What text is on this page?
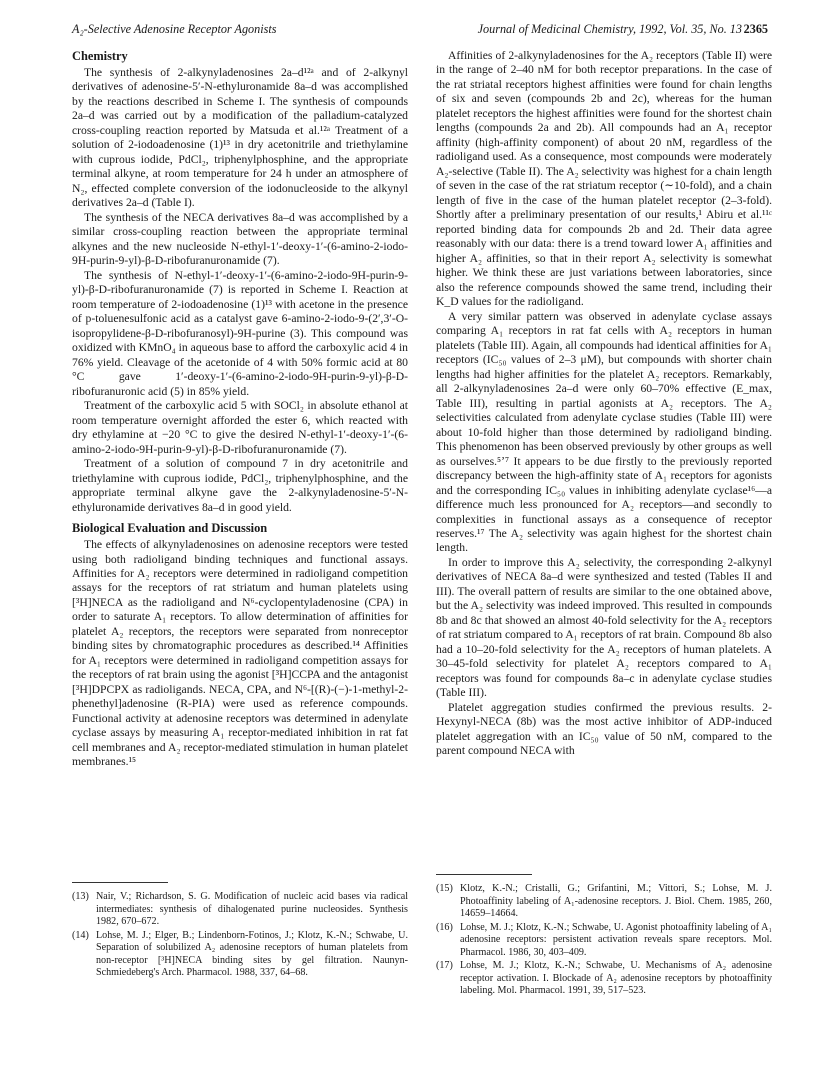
A₂-Selective Adenosine Receptor Agonists	Journal of Medicinal Chemistry, 1992, Vol. 35, No. 13 2365
Chemistry

The synthesis of 2-alkynyladenosines 2a–d¹²ᵃ and of 2-alkynyl derivatives of adenosine-5′-N-ethyluronamide 8a–d was accomplished by the reactions described in Scheme I. The synthesis of compounds 2a–d was carried out by a modification of the palladium-catalyzed cross-coupling reaction reported by Matsuda et al.¹²ᵃ Treatment of a solution of 2-iodoadenosine (1)¹³ in dry acetonitrile and triethylamine with cuprous iodide, PdCl₂, triphenylphosphine, and the appropriate terminal alkyne, at room temperature for 24 h under an atmosphere of N₂, effected complete conversion of the iodonucleoside to the alkynyl derivatives 2a–d (Table I).

The synthesis of the NECA derivatives 8a–d was accomplished by a similar cross-coupling reaction between the appropriate terminal alkynes and the new nucleoside N-ethyl-1′-deoxy-1′-(6-amino-2-iodo-9H-purin-9-yl)-β-D-ribofuranuronamide (7).

The synthesis of N-ethyl-1′-deoxy-1′-(6-amino-2-iodo-9H-purin-9-yl)-β-D-ribofuranuronamide (7) is reported in Scheme I. Reaction at room temperature of 2-iodoadenosine (1)¹³ with acetone in the presence of p-toluenesulfonic acid as a catalyst gave 6-amino-2-iodo-9-(2′,3′-O-isopropylidene-β-D-ribofuranosyl)-9H-purine (3). This compound was oxidized with KMnO₄ in aqueous base to afford the carboxylic acid 4 in 76% yield. Cleavage of the acetonide of 4 with 50% formic acid at 80 °C gave 1′-deoxy-1′-(6-amino-2-iodo-9H-purin-9-yl)-β-D-ribofuranuronic acid (5) in 85% yield.

Treatment of the carboxylic acid 5 with SOCl₂ in absolute ethanol at room temperature overnight afforded the ester 6, which reacted with dry ethylamine at −20 °C to give the desired N-ethyl-1′-deoxy-1′-(6-amino-2-iodo-9H-purin-9-yl)-β-D-ribofuranuronamide (7).

Treatment of a solution of compound 7 in dry acetonitrile and triethylamine with cuprous iodide, PdCl₂, triphenylphosphine, and the appropriate terminal alkyne gave the 2-alkynyladenosine-5′-N-ethyluronamide derivatives 8a–d in good yield.

Biological Evaluation and Discussion

The effects of alkynyladenosines on adenosine receptors were tested using both radioligand binding techniques and functional assays. Affinities for A₂ receptors were determined in radioligand competition assays for the receptors of rat striatum and human platelets using [³H]NECA as the radioligand and N⁶-cyclopentyladenosine (CPA) in order to saturate A₁ receptors. To allow determination of affinities for platelet A₂ receptors, the receptors were separated from nonreceptor binding sites by chromatographic procedures as described.¹⁴ Affinities for A₁ receptors were determined in radioligand competition assays for the receptors of rat brain using the agonist [³H]CCPA and the antagonist [³H]DPCPX as radioligands. NECA, CPA, and N⁶-[(R)-(−)-1-methyl-2-phenethyl]adenosine (R-PIA) were used as reference compounds. Functional activity at adenosine receptors was determined in adenylate cyclase assays by measuring A₁ receptor-mediated inhibition in rat fat cell membranes and A₂ receptor-mediated stimulation in human platelet membranes.¹⁵

Affinities of 2-alkynyladenosines for the A₂ receptors (Table II) were in the range of 2–40 nM for both receptor preparations. In the case of the rat striatal receptors highest affinities were found for chain lengths of six and seven (compounds 2b and 2c), whereas for the human platelet receptors the highest affinities were found for the shortest chain lengths (compounds 2a and 2b). All compounds had an A₁ receptor affinity (high-affinity component) of about 20 nM, regardless of the radioligand used. As a consequence, most compounds were moderately A₂-selective (Table II). The A₂ selectivity was highest for a chain length of seven in the case of the rat striatum receptor (∼10-fold), and a chain length of five in the case of the human platelet receptor (2–3-fold). Shortly after a preliminary presentation of our results,¹ Abiru et al.¹¹ᶜ reported binding data for compounds 2b and 2d. Their data agree reasonably with our data: there is a trend toward lower A₁ affinities and higher A₂ affinities, so that in their report A₂ selectivity is somewhat higher. We think these are just variations between laboratories, since also the reference compounds showed the same trend, including their K_D values for the radioligand.

A very similar pattern was observed in adenylate cyclase assays comparing A₁ receptors in rat fat cells with A₂ receptors in human platelets (Table III). Again, all compounds had identical affinities for A₁ receptors (IC₅₀ values of 2–3 μM), but compounds with shorter chain lengths had higher affinities for the platelet A₂ receptors. Remarkably, all 2-alkynyladenosines 2a–d were only 60–70% effective (E_max, Table III), resulting in partial agonists at A₂ receptors. The A₂ selectivities calculated from adenylate cyclase studies (Table III) were about 10-fold higher than those determined by radioligand binding. This phenomenon has been observed previously by other groups as well as ourselves.⁵ʼ⁷ It appears to be due firstly to the previously reported discrepancy between the high-affinity state of A₁ receptors for agonists and the corresponding IC₅₀ values in inhibiting adenylate cyclase¹⁶—a difference much less pronounced for A₂ receptors—and secondly to complexities in functional assays as a consequence of receptor reserves.¹⁷ The A₂ selectivity was again highest for the shortest chain length.

In order to improve this A₂ selectivity, the corresponding 2-alkynyl derivatives of NECA 8a–d were synthesized and tested (Tables II and III). The overall pattern of results are similar to the one obtained above, but the A₂ selectivity was indeed improved. This resulted in compounds 8b and 8c that showed an almost 40-fold selectivity for the A₂ receptors of rat striatum compared to A₁ receptors of rat brain. Compound 8b also had a 10–20-fold selectivity for the A₂ receptors of human platelets. A 30–45-fold selectivity for platelet A₂ receptors compared to A₁ receptors was found for compounds 8a–c in adenylate cyclase studies (Table III).

Platelet aggregation studies confirmed the previous results. 2-Hexynyl-NECA (8b) was the most active inhibitor of ADP-induced platelet aggregation with an IC₅₀ value of 50 nM, compared to the parent compound NECA with

(13) Nair, V.; Richardson, S. G. Modification of nucleic acid bases via radical intermediates: synthesis of dihalogenated purine nucleosides. Synthesis 1982, 670–672.
(14) Lohse, M. J.; Elger, B.; Lindenborn-Fotinos, J.; Klotz, K.-N.; Schwabe, U. Separation of solubilized A₂ adenosine receptors of human platelets from non-receptor [³H]NECA binding sites by gel filtration. Naunyn-Schmiedeberg's Arch. Pharmacol. 1988, 337, 64–68.
(15) Klotz, K.-N.; Cristalli, G.; Grifantini, M.; Vittori, S.; Lohse, M. J. Photoaffinity labeling of A₁-adenosine receptors. J. Biol. Chem. 1985, 260, 14659–14664.
(16) Lohse, M. J.; Klotz, K.-N.; Schwabe, U. Agonist photoaffinity labeling of A₁ adenosine receptors: persistent activation reveals spare receptors. Mol. Pharmacol. 1986, 30, 403–409.
(17) Lohse, M. J.; Klotz, K.-N.; Schwabe, U. Mechanisms of A₂ adenosine receptor activation. I. Blockade of A₂ adenosine receptors by photoaffinity labeling. Mol. Pharmacol. 1991, 39, 517–523.
